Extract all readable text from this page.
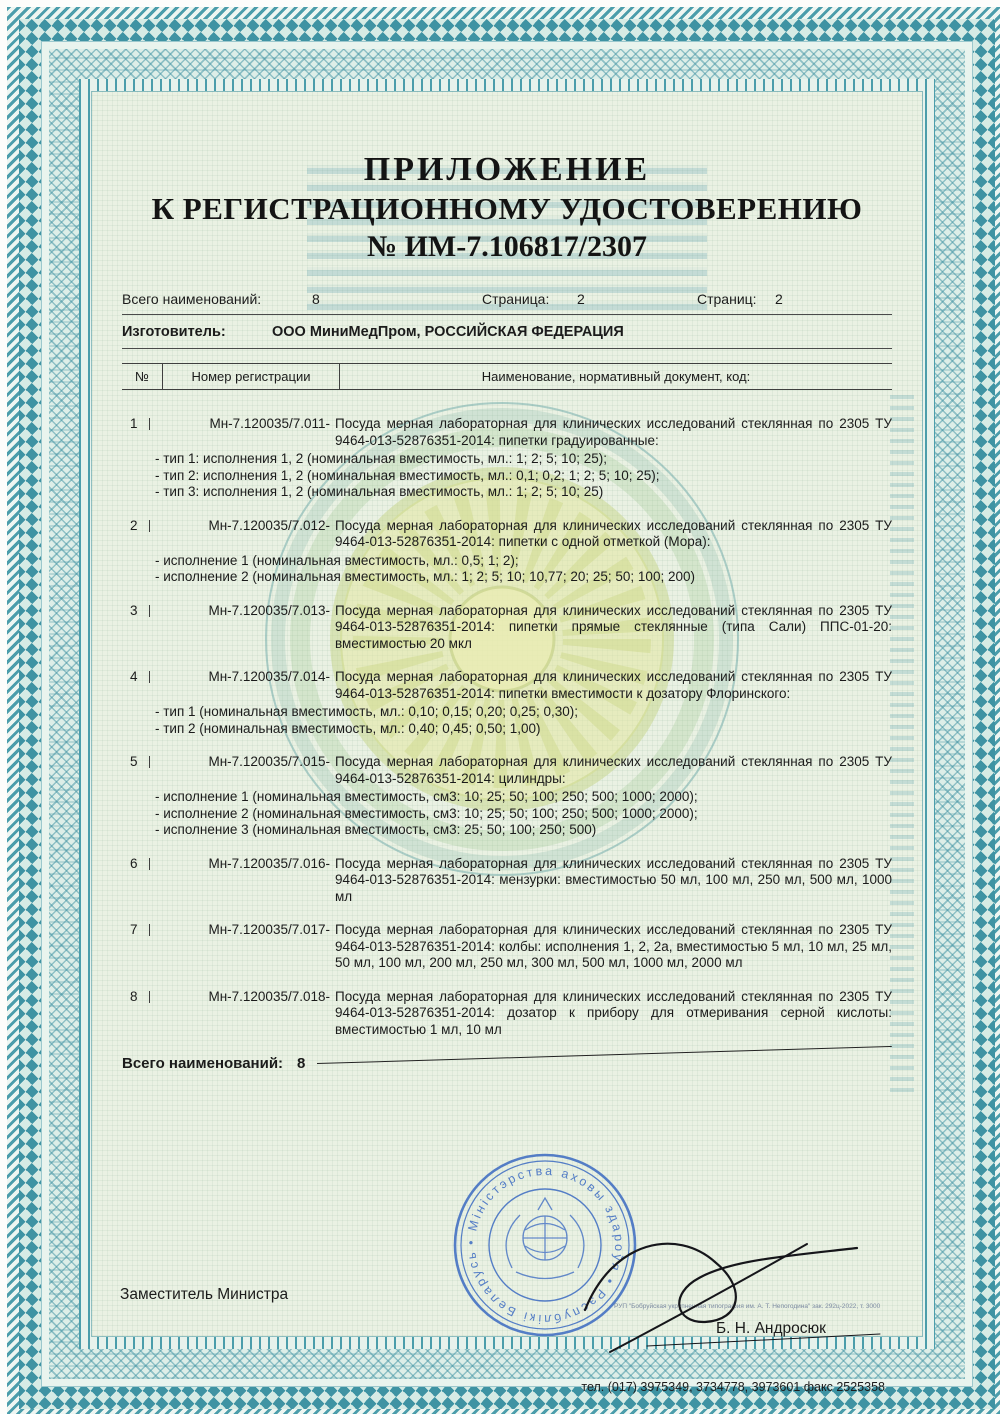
ПРИЛОЖЕНИЕ
К РЕГИСТРАЦИОННОМУ УДОСТОВЕРЕНИЮ
№ ИМ-7.106817/2307
Всего наименований:	8	Страница:	2	Страниц:	2
Изготовитель:	ООО МиниМедПром, РОССИЙСКАЯ ФЕДЕРАЦИЯ
№	Номер регистрации	Наименование, нормативный документ, код:
1	Мн-7.120035/7.011- Посуда мерная лабораторная для клинических исследований стеклянная по 2305 ТУ 9464-013-52876351-2014: пипетки градуированные:
- тип 1: исполнения 1, 2 (номинальная вместимость, мл.: 1; 2; 5; 10; 25);
- тип 2: исполнения 1, 2 (номинальная вместимость, мл.: 0,1; 0,2; 1; 2; 5; 10; 25);
- тип 3: исполнения 1, 2 (номинальная вместимость, мл.: 1; 2; 5; 10; 25)
2	Мн-7.120035/7.012- Посуда мерная лабораторная для клинических исследований стеклянная по 2305 ТУ 9464-013-52876351-2014: пипетки с одной отметкой (Мора):
- исполнение 1 (номинальная вместимость, мл.: 0,5; 1; 2);
- исполнение 2 (номинальная вместимость, мл.: 1; 2; 5; 10; 10,77; 20; 25; 50; 100; 200)
3	Мн-7.120035/7.013- Посуда мерная лабораторная для клинических исследований стеклянная по 2305 ТУ 9464-013-52876351-2014: пипетки прямые стеклянные (типа Сали) ППС-01-20: вместимостью 20 мкл
4	Мн-7.120035/7.014- Посуда мерная лабораторная для клинических исследований стеклянная по 2305 ТУ 9464-013-52876351-2014: пипетки вместимости к дозатору Флоринского:
- тип 1 (номинальная вместимость, мл.: 0,10; 0,15; 0,20; 0,25; 0,30);
- тип 2 (номинальная вместимость, мл.: 0,40; 0,45; 0,50; 1,00)
5	Мн-7.120035/7.015- Посуда мерная лабораторная для клинических исследований стеклянная по 2305 ТУ 9464-013-52876351-2014: цилиндры:
- исполнение 1 (номинальная вместимость, см3: 10; 25; 50; 100; 250; 500; 1000; 2000);
- исполнение 2 (номинальная вместимость, см3: 10; 25; 50; 100; 250; 500; 1000; 2000);
- исполнение 3 (номинальная вместимость, см3: 25; 50; 100; 250; 500)
6	Мн-7.120035/7.016- Посуда мерная лабораторная для клинических исследований стеклянная по 2305 ТУ 9464-013-52876351-2014: мензурки: вместимостью 50 мл, 100 мл, 250 мл, 500 мл, 1000 мл
7	Мн-7.120035/7.017- Посуда мерная лабораторная для клинических исследований стеклянная по 2305 ТУ 9464-013-52876351-2014: колбы: исполнения 1, 2, 2а, вместимостью 5 мл, 10 мл, 25 мл, 50 мл, 100 мл, 200 мл, 250 мл, 300 мл, 500 мл, 1000 мл, 2000 мл
8	Мн-7.120035/7.018- Посуда мерная лабораторная для клинических исследований стеклянная по 2305 ТУ 9464-013-52876351-2014: дозатор к прибору для отмеривания серной кислоты: вместимостью 1 мл, 10 мл
Всего наименований: 8
Заместитель Министра
• Міністэрства аховы здароўя • Рэспублікі Беларусь
Б. Н. Андросюк
РУП "Бобруйская укрупненная типография им. А. Т. Непогодина" зак. 292ц-2022, т. 3000
тел. (017) 3975349, 3734778, 3973601 факс 2525358
